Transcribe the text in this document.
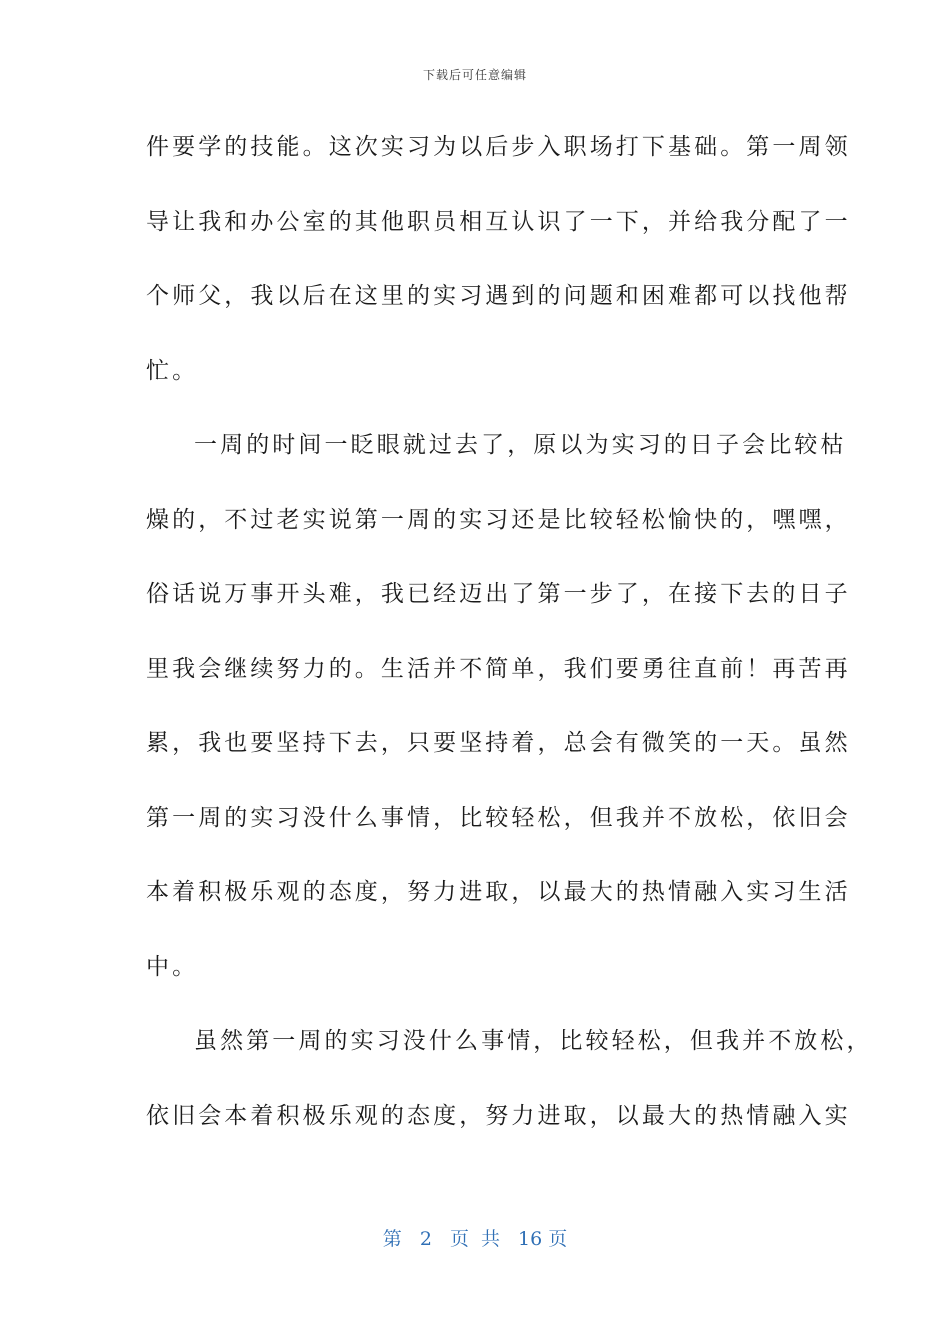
下载后可任意编辑
件要学的技能。这次实习为以后步入职场打下基础。第一周领
导让我和办公室的其他职员相互认识了一下，并给我分配了一
个师父，我以后在这里的实习遇到的问题和困难都可以找他帮
忙。
一周的时间一眨眼就过去了，原以为实习的日子会比较枯
燥的，不过老实说第一周的实习还是比较轻松愉快的，嘿嘿，
俗话说万事开头难，我已经迈出了第一步了，在接下去的日子
里我会继续努力的。生活并不简单，我们要勇往直前！再苦再
累，我也要坚持下去，只要坚持着，总会有微笑的一天。虽然
第一周的实习没什么事情，比较轻松，但我并不放松，依旧会
本着积极乐观的态度，努力进取，以最大的热情融入实习生活
中。
虽然第一周的实习没什么事情，比较轻松，但我并不放松，
依旧会本着积极乐观的态度，努力进取，以最大的热情融入实
第 2 页 共 16 页
